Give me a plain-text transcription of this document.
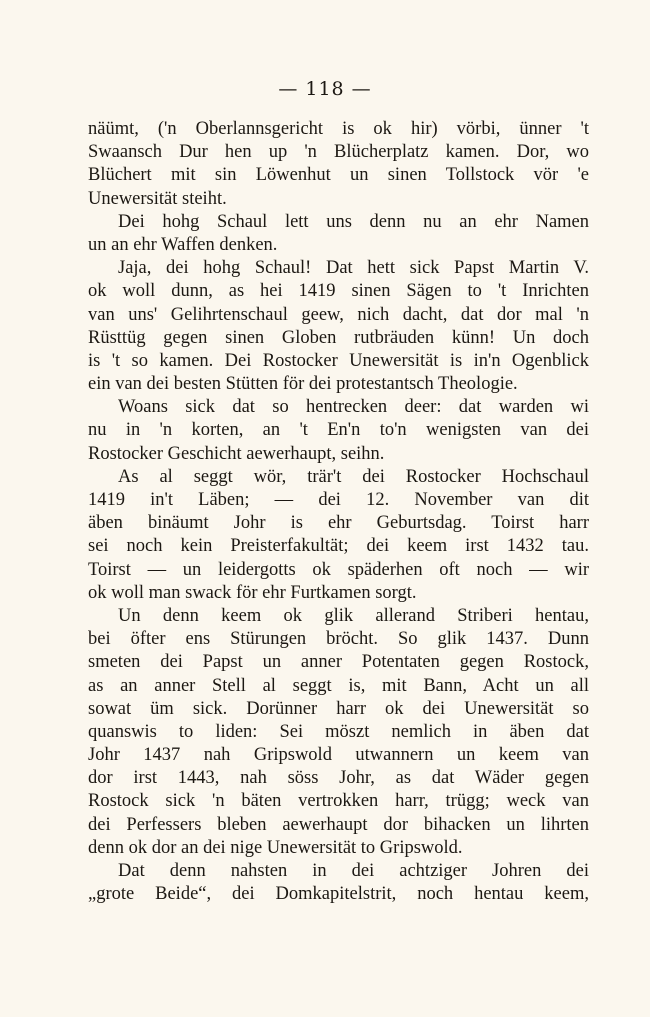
— 118 —
näümt, ('n Oberlannsgericht is ok hir) vörbi, ünner 't
Swaansch Dur hen up 'n Blücherplatz kamen. Dor, wo
Blüchert mit sin Löwenhut un sinen Tollstock vör 'e
Unewersität steiht.
Dei hohg Schaul lett uns denn nu an ehr Namen
un an ehr Waffen denken.
Jaja, dei hohg Schaul! Dat hett sick Papst Martin V.
ok woll dunn, as hei 1419 sinen Sägen to 't Inrichten
van uns' Gelihrtenschaul geew, nich dacht, dat dor mal 'n
Rüsttüg gegen sinen Globen rutbräuden künn! Un doch
is 't so kamen. Dei Rostocker Unewersität is in'n Ogenblick
ein van dei besten Stütten för dei protestantsch Theologie.
Woans sick dat so hentrecken deer: dat warden wi
nu in 'n korten, an 't En'n to'n wenigsten van dei
Rostocker Geschicht aewerhaupt, seihn.
As al seggt wör, trär't dei Rostocker Hochschaul
1419 in't Läben; — dei 12. November van dit
äben binäumt Johr is ehr Geburtsdag. Toirst harr
sei noch kein Preisterfakultät; dei keem irst 1432 tau.
Toirst — un leidergotts ok späderhen oft noch — wir
ok woll man swack för ehr Furtkamen sorgt.
Un denn keem ok glik allerand Striberi hentau,
bei öfter ens Stürungen bröcht. So glik 1437. Dunn
smeten dei Papst un anner Potentaten gegen Rostock,
as an anner Stell al seggt is, mit Bann, Acht un all
sowat üm sick. Dorünner harr ok dei Unewersität so
quanswis to liden: Sei möszt nemlich in äben dat
Johr 1437 nah Gripswold utwannern un keem van
dor irst 1443, nah söss Johr, as dat Wäder gegen
Rostock sick 'n bäten vertrokken harr, trügg; weck van
dei Perfessers bleben aewerhaupt dor bihacken un lihrten
denn ok dor an dei nige Unewersität to Gripswold.
Dat denn nahsten in dei achtziger Johren dei
„grote Beide“, dei Domkapitelstrit, noch hentau keem,
